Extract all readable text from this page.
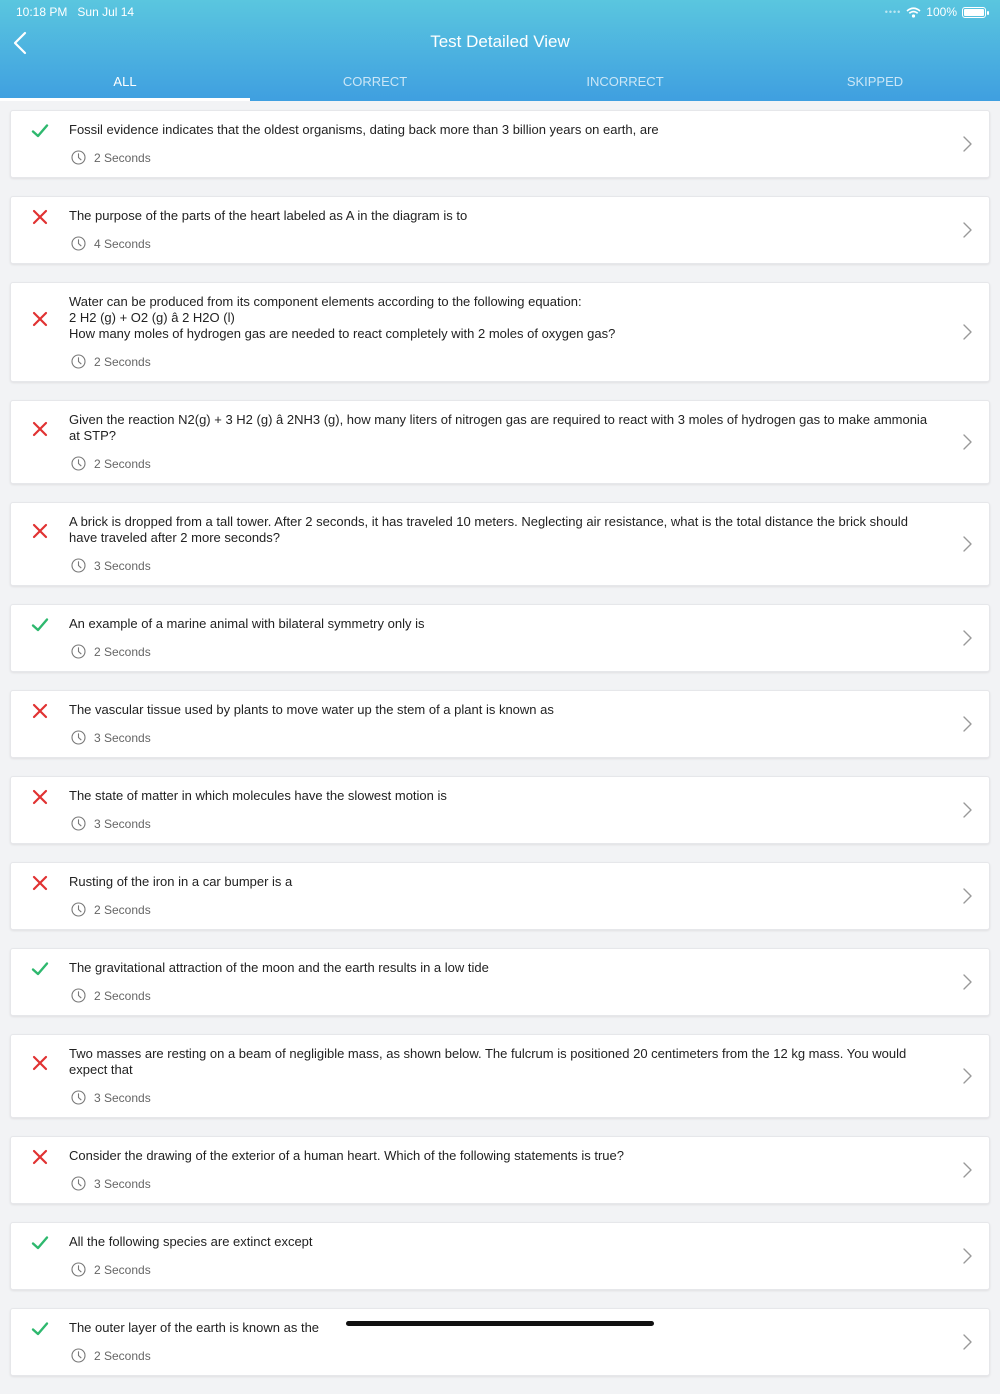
10:18 PM Sun Jul 14	•••• 100%
Test Detailed View
ALL	CORRECT	INCORRECT	SKIPPED
Fossil evidence indicates that the oldest organisms, dating back more than 3 billion years on earth, are
2 Seconds
The purpose of the parts of the heart labeled as A in the diagram is to
4 Seconds
Water can be produced from its component elements according to the following equation:
2 H2 (g) + O2 (g) â 2 H2O (l)
How many moles of hydrogen gas are needed to react completely with 2 moles of oxygen gas?
2 Seconds
Given the reaction N2(g) + 3 H2 (g) â 2NH3 (g), how many liters of nitrogen gas are required to react with 3 moles of hydrogen gas to make ammonia at STP?
2 Seconds
A brick is dropped from a tall tower. After 2 seconds, it has traveled 10 meters. Neglecting air resistance, what is the total distance the brick should have traveled after 2 more seconds?
3 Seconds
An example of a marine animal with bilateral symmetry only is
2 Seconds
The vascular tissue used by plants to move water up the stem of a plant is known as
3 Seconds
The state of matter in which molecules have the slowest motion is
3 Seconds
Rusting of the iron in a car bumper is a
2 Seconds
The gravitational attraction of the moon and the earth results in a low tide
2 Seconds
Two masses are resting on a beam of negligible mass, as shown below. The fulcrum is positioned 20 centimeters from the 12 kg mass. You would expect that
3 Seconds
Consider the drawing of the exterior of a human heart. Which of the following statements is true?
3 Seconds
All the following species are extinct except
2 Seconds
The outer layer of the earth is known as the
2 Seconds
